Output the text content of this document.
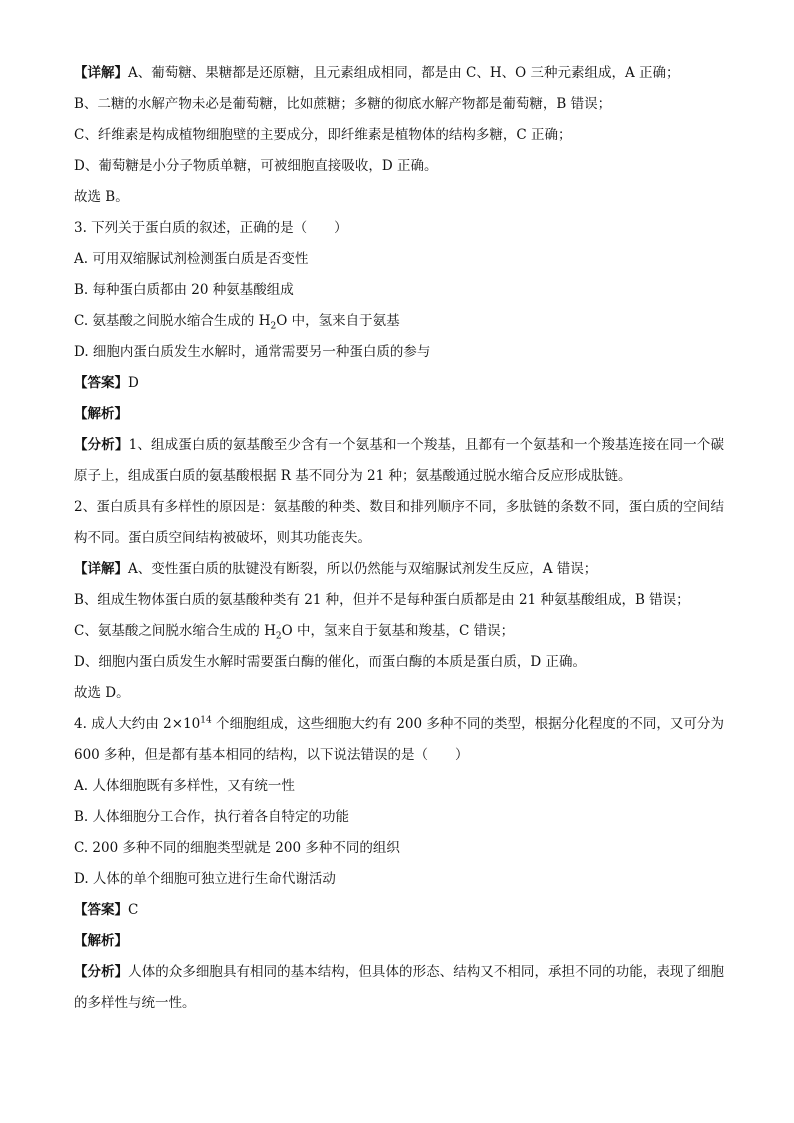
【详解】A、葡萄糖、果糖都是还原糖，且元素组成相同，都是由 C、H、O 三种元素组成，A 正确；
B、二糖的水解产物未必是葡萄糖，比如蔗糖；多糖的彻底水解产物都是葡萄糖，B 错误；
C、纤维素是构成植物细胞壁的主要成分，即纤维素是植物体的结构多糖，C 正确；
D、葡萄糖是小分子物质单糖，可被细胞直接吸收，D 正确。
故选 B。
3. 下列关于蛋白质的叙述，正确的是（　　）
A. 可用双缩脲试剂检测蛋白质是否变性
B. 每种蛋白质都由 20 种氨基酸组成
C. 氨基酸之间脱水缩合生成的 $H_2O$ 中，氢来自于氨基
D. 细胞内蛋白质发生水解时，通常需要另一种蛋白质的参与
【答案】D
【解析】
【分析】1、组成蛋白质的氨基酸至少含有一个氨基和一个羧基，且都有一个氨基和一个羧基连接在同一个碳原子上，组成蛋白质的氨基酸根据 R 基不同分为 21 种；氨基酸通过脱水缩合反应形成肽链。
2、蛋白质具有多样性的原因是：氨基酸的种类、数目和排列顺序不同，多肽链的条数不同，蛋白质的空间结构不同。蛋白质空间结构被破坏，则其功能丧失。
【详解】A、变性蛋白质的肽键没有断裂，所以仍然能与双缩脲试剂发生反应，A 错误；
B、组成生物体蛋白质的氨基酸种类有 21 种，但并不是每种蛋白质都是由 21 种氨基酸组成，B 错误；
C、氨基酸之间脱水缩合生成的 $H_2O$ 中，氢来自于氨基和羧基，C 错误；
D、细胞内蛋白质发生水解时需要蛋白酶的催化，而蛋白酶的本质是蛋白质，D 正确。
故选 D。
4. 成人大约由 $2\times 10^{14}$ 个细胞组成，这些细胞大约有 200 多种不同的类型，根据分化程度的不同，又可分为 600 多种，但是都有基本相同的结构，以下说法错误的是（　　）
A. 人体细胞既有多样性，又有统一性
B. 人体细胞分工合作，执行着各自特定的功能
C. 200 多种不同的细胞类型就是 200 多种不同的组织
D. 人体的单个细胞可独立进行生命代谢活动
【答案】C
【解析】
【分析】人体的众多细胞具有相同的基本结构，但具体的形态、结构又不相同，承担不同的功能，表现了细胞的多样性与统一性。
